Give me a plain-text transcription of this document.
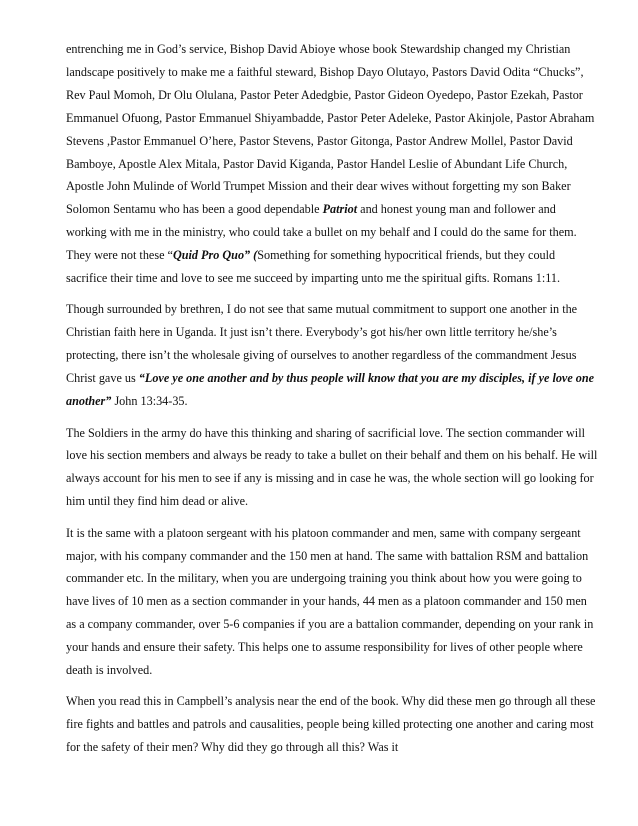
entrenching me in God’s service, Bishop David Abioye whose book Stewardship changed my Christian landscape positively to make me a faithful steward, Bishop Dayo Olutayo, Pastors David Odita “Chucks”, Rev Paul Momoh, Dr Olu Olulana, Pastor Peter Adedgbie, Pastor Gideon Oyedepo, Pastor Ezekah, Pastor Emmanuel Ofuong, Pastor Emmanuel Shiyambadde, Pastor Peter Adeleke, Pastor Akinjole, Pastor Abraham Stevens ,Pastor Emmanuel O’here, Pastor Stevens, Pastor Gitonga, Pastor Andrew Mollel, Pastor David Bamboye, Apostle Alex Mitala, Pastor David Kiganda, Pastor Handel Leslie of Abundant Life Church, Apostle John Mulinde of World Trumpet Mission and their dear wives without forgetting my son Baker Solomon Sentamu who has been a good dependable Patriot and honest young man and follower and working with me in the ministry, who could take a bullet on my behalf and I could do the same for them. They were not these “Quid Pro Quo” (Something for something hypocritical friends, but they could sacrifice their time and love to see me succeed by imparting unto me the spiritual gifts. Romans 1:11.

Though surrounded by brethren, I do not see that same mutual commitment to support one another in the Christian faith here in Uganda. It just isn’t there. Everybody’s got his/her own little territory he/she’s protecting, there isn’t the wholesale giving of ourselves to another regardless of the commandment Jesus Christ gave us “Love ye one another and by thus people will know that you are my disciples, if ye love one another” John 13:34-35.

The Soldiers in the army do have this thinking and sharing of sacrificial love. The section commander will love his section members and always be ready to take a bullet on their behalf and them on his behalf. He will always account for his men to see if any is missing and in case he was, the whole section will go looking for him until they find him dead or alive.

It is the same with a platoon sergeant with his platoon commander and men, same with company sergeant major, with his company commander and the 150 men at hand. The same with battalion RSM and battalion commander etc. In the military, when you are undergoing training you think about how you were going to have lives of 10 men as a section commander in your hands, 44 men as a platoon commander and 150 men as a company commander, over 5-6 companies if you are a battalion commander, depending on your rank in your hands and ensure their safety. This helps one to assume responsibility for lives of other people where death is involved.

When you read this in Campbell’s analysis near the end of the book. Why did these men go through all these fire fights and battles and patrols and causalities, people being killed protecting one another and caring most for the safety of their men? Why did they go through all this? Was it
